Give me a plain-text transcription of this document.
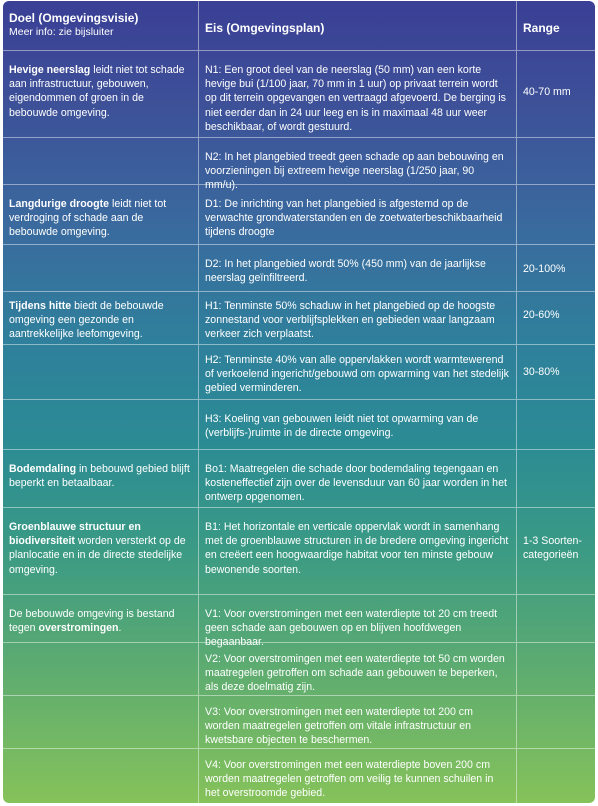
Doel (Omgevingsvisie)
Meer info: zie bijsluiter	Eis (Omgevingsplan)	Range
Hevige neerslag leidt niet tot schade aan infrastructuur, gebouwen, eigendommen of groen in de bebouwde omgeving.
N1: Een groot deel van de neerslag (50 mm) van een korte hevige bui (1/100 jaar, 70 mm in 1 uur) op privaat terrein wordt op dit terrein opgevangen en vertraagd afgevoerd. De berging is niet eerder dan in 24 uur leeg en is in maximaal 48 uur weer beschikbaar, of wordt gestuurd.
40-70 mm
N2: In het plangebied treedt geen schade op aan bebouwing en voorzieningen bij extreem hevige neerslag (1/250 jaar, 90 mm/u).
Langdurige droogte leidt niet tot verdroging of schade aan de bebouwde omgeving.
D1: De inrichting van het plangebied is afgestemd op de verwachte grondwaterstanden en de zoetwaterbeschikbaarheid tijdens droogte
D2: In het plangebied wordt 50% (450 mm) van de jaarlijkse neerslag geïnfiltreerd.
20-100%
Tijdens hitte biedt de bebouwde omgeving een gezonde en aantrekkelijke leefomgeving.
H1: Tenminste 50% schaduw in het plangebied op de hoogste zonnestand voor verblijfsplekken en gebieden waar langzaam verkeer zich verplaatst.
20-60%
H2: Tenminste 40% van alle oppervlakken wordt warmtewerend of verkoelend ingericht/gebouwd om opwarming van het stedelijk gebied verminderen.
30-80%
H3: Koeling van gebouwen leidt niet tot opwarming van de (verblijfs-)ruimte in de directe omgeving.
Bodemdaling in bebouwd gebied blijft beperkt en betaalbaar.
Bo1: Maatregelen die schade door bodemdaling tegengaan en kosteneffectief zijn over de levensduur van 60 jaar worden in het ontwerp opgenomen.
Groenblauwe structuur en biodiversiteit worden versterkt op de planlocatie en in de directe stedelijke omgeving.
B1: Het horizontale en verticale oppervlak wordt in samenhang met de groenblauwe structuren in de bredere omgeving ingericht en creëert een hoogwaardige habitat voor ten minste gebouw bewonende soorten.
1-3 Soorten-categorieën
De bebouwde omgeving is bestand tegen overstromingen.
V1: Voor overstromingen met een waterdiepte tot 20 cm treedt geen schade aan gebouwen op en blijven hoofdwegen begaanbaar.
V2: Voor overstromingen met een waterdiepte tot 50 cm worden maatregelen getroffen om schade aan gebouwen te beperken, als deze doelmatig zijn.
V3: Voor overstromingen met een waterdiepte tot 200 cm worden maatregelen getroffen om vitale infrastructuur en kwetsbare objecten te beschermen.
V4: Voor overstromingen met een waterdiepte boven 200 cm worden maatregelen getroffen om veilig te kunnen schuilen in het overstroomde gebied.
